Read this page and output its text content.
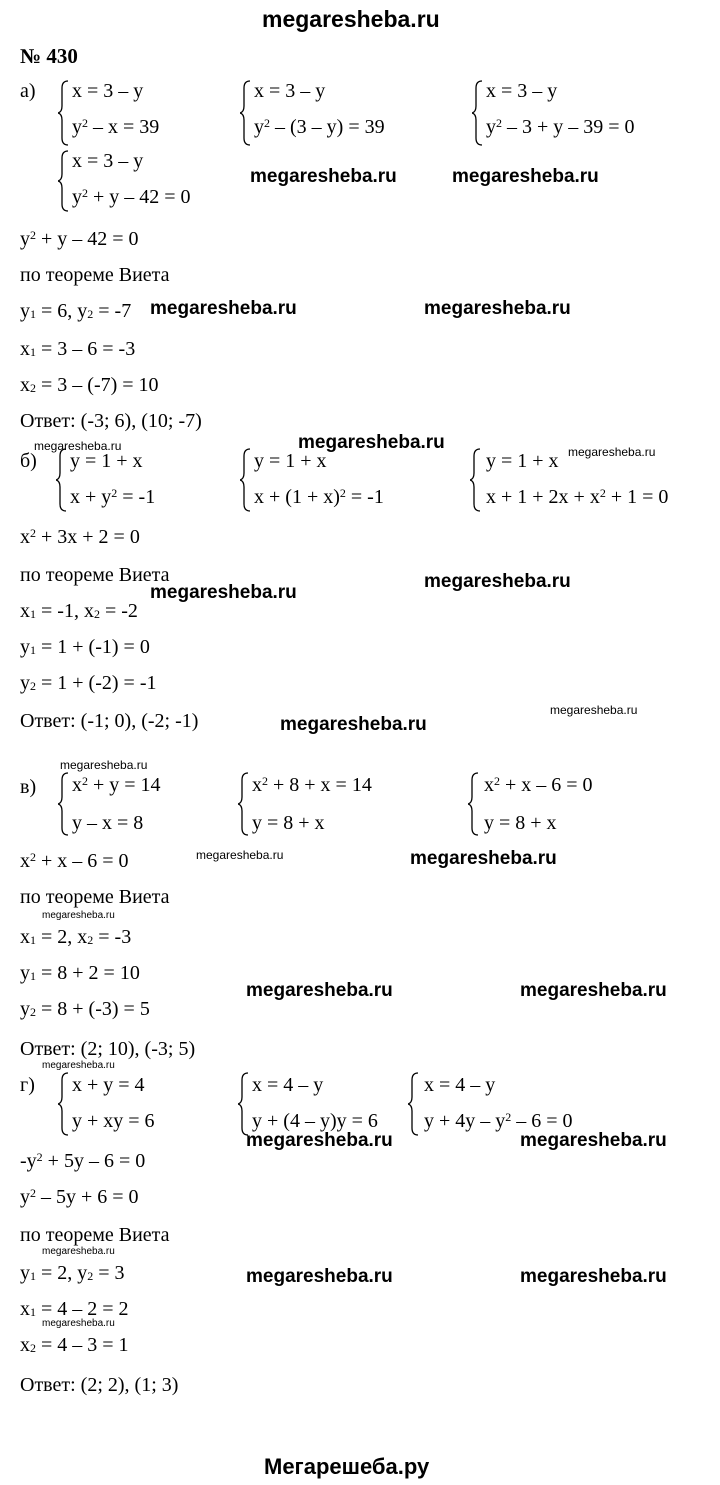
megaresheba.ru
№ 430
а) x = 3 – y
$y^2 - x = 39$
x = 3 – y
$y^2 - (3 - y) = 39$
x = 3 – y
$y^2 - 3 + y - 39 = 0$
x = 3 – y
$y^2 + y - 42 = 0$
$y^2 + y - 42 = 0$
по теореме Виета
$y_1 = 6$, $y_2 = -7$
$x_1 = 3 - 6 = -3$
$x_2 = 3 - (-7) = 10$
Ответ: (-3; 6), (10; -7)
б) y = 1 + x
$x + y^2 = -1$
y = 1 + x
$x + (1 + x)^2 = -1$
y = 1 + x
$x + 1 + 2x + x^2 + 1 = 0$
$x^2 + 3x + 2 = 0$
по теореме Виета
$x_1 = -1$, $x_2 = -2$
$y_1 = 1 + (-1) = 0$
$y_2 = 1 + (-2) = -1$
Ответ: (-1; 0), (-2; -1)
в) $x^2 + y = 14$
y – x = 8
$x^2 + 8 + x = 14$
y = 8 + x
$x^2 + x - 6 = 0$
y = 8 + x
$x^2 + x - 6 = 0$
по теореме Виета
$x_1 = 2$, $x_2 = -3$
$y_1 = 8 + 2 = 10$
$y_2 = 8 + (-3) = 5$
Ответ: (2; 10), (-3; 5)
г) x + y = 4
y + xy = 6
x = 4 – y
y + (4 – y)y = 6
x = 4 – y
$y + 4y - y^2 - 6 = 0$
$-y^2 + 5y - 6 = 0$
$y^2 - 5y + 6 = 0$
по теореме Виета
$y_1 = 2$, $y_2 = 3$
$x_1 = 4 - 2 = 2$
$x_2 = 4 - 3 = 1$
Ответ: (2; 2), (1; 3)
megaresheba.ru	megaresheba.ru
megaresheba.ru	megaresheba.ru
megaresheba.ru
megaresheba.ru
megaresheba.ru
megaresheba.ru
megaresheba.ru
megaresheba.ru	megaresheba.ru
megaresheba.ru	megaresheba.ru
megaresheba.ru	megaresheba.ru
megaresheba.ru	megaresheba.ru
megaresheba.ru
megaresheba.ru
megaresheba.ru
megaresheba.ru
megaresheba.ru
megaresheba.ru
megaresheba.ru
Мегарешеба.ру
